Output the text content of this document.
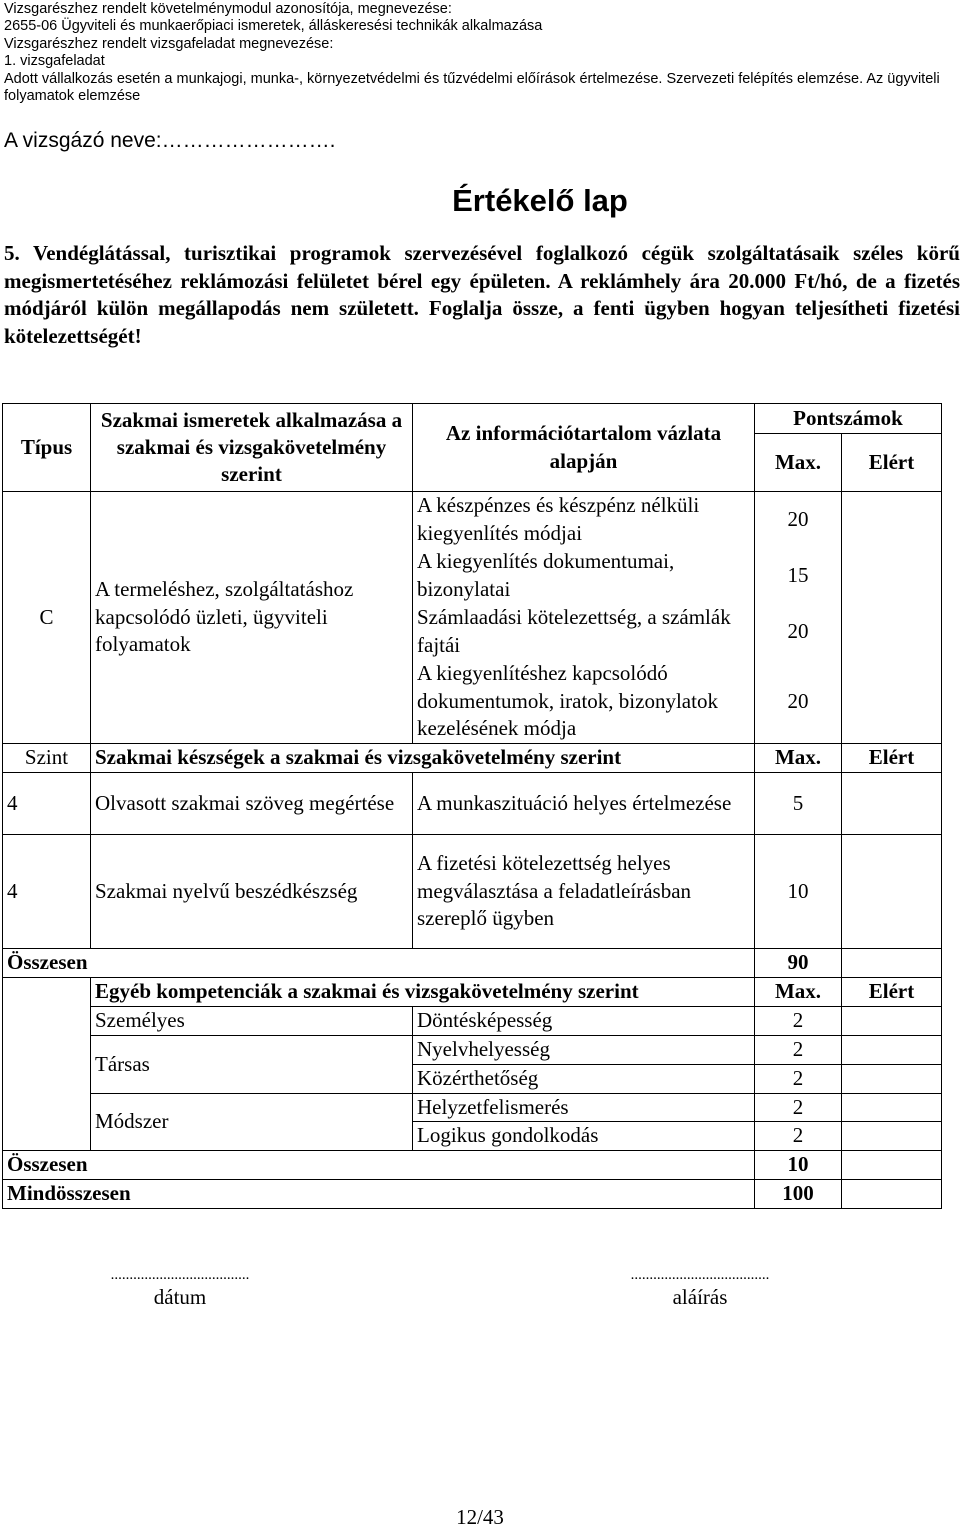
Vizsgarészhez rendelt követelménymodul azonosítója, megnevezése:
2655-06 Ügyviteli és munkaerőpiaci ismeretek, álláskeresési technikák alkalmazása
Vizsgarészhez rendelt vizsgafeladat megnevezése:
1. vizsgafeladat
Adott vállalkozás esetén a munkajogi, munka-, környezetvédelmi és tűzvédelmi előírások értelmezése. Szervezeti felépítés elemzése. Az ügyviteli folyamatok elemzése
A vizsgázó neve:…………………….
Értékelő lap
5. Vendéglátással, turisztikai programok szervezésével foglalkozó cégük szolgáltatásaik széles körű megismertetéséhez reklámozási felületet bérel egy épületen. A reklámhely ára 20.000 Ft/hó, de a fizetés módjáról külön megállapodás nem született. Foglalja össze, a fenti ügyben hogyan teljesítheti fizetési kötelezettségét!
Típus	Szakmai ismeretek alkalmazása a szakmai és vizsgakövetelmény szerint	Az információtartalom vázlata alapján	Pontszámok	
			Max.	Elért
C	A termeléshez, szolgáltatáshoz kapcsolódó üzleti, ügyviteli folyamatok	A készpénzes és készpénz nélküli kiegyenlítés módjai	20	
		A kiegyenlítés dokumentumai, bizonylatai	15	
		Számlaadási kötelezettség, a számlák fajtái	20	
		A kiegyenlítéshez kapcsolódó dokumentumok, iratok, bizonylatok kezelésének módja	20	
Szint	Szakmai készségek a szakmai és vizsgakövetelmény szerint		Max.	Elért
4	Olvasott szakmai szöveg megértése	A munkaszituáció helyes értelmezése	5	
4	Szakmai nyelvű beszédkészség	A fizetési kötelezettség helyes megválasztása a feladatleírásban szereplő ügyben	10	
Összesen			90	
	Egyéb kompetenciák a szakmai és vizsgakövetelmény szerint		Max.	Elért
	Személyes	Döntésképesség	2	
	Társas	Nyelvhelyesség	2	
		Közérthetőség	2	
	Módszer	Helyzetfelismerés	2	
		Logikus gondolkodás	2	
Összesen			10	
Mindösszesen			100	
.....................................
dátum
.....................................
aláírás
12/43
